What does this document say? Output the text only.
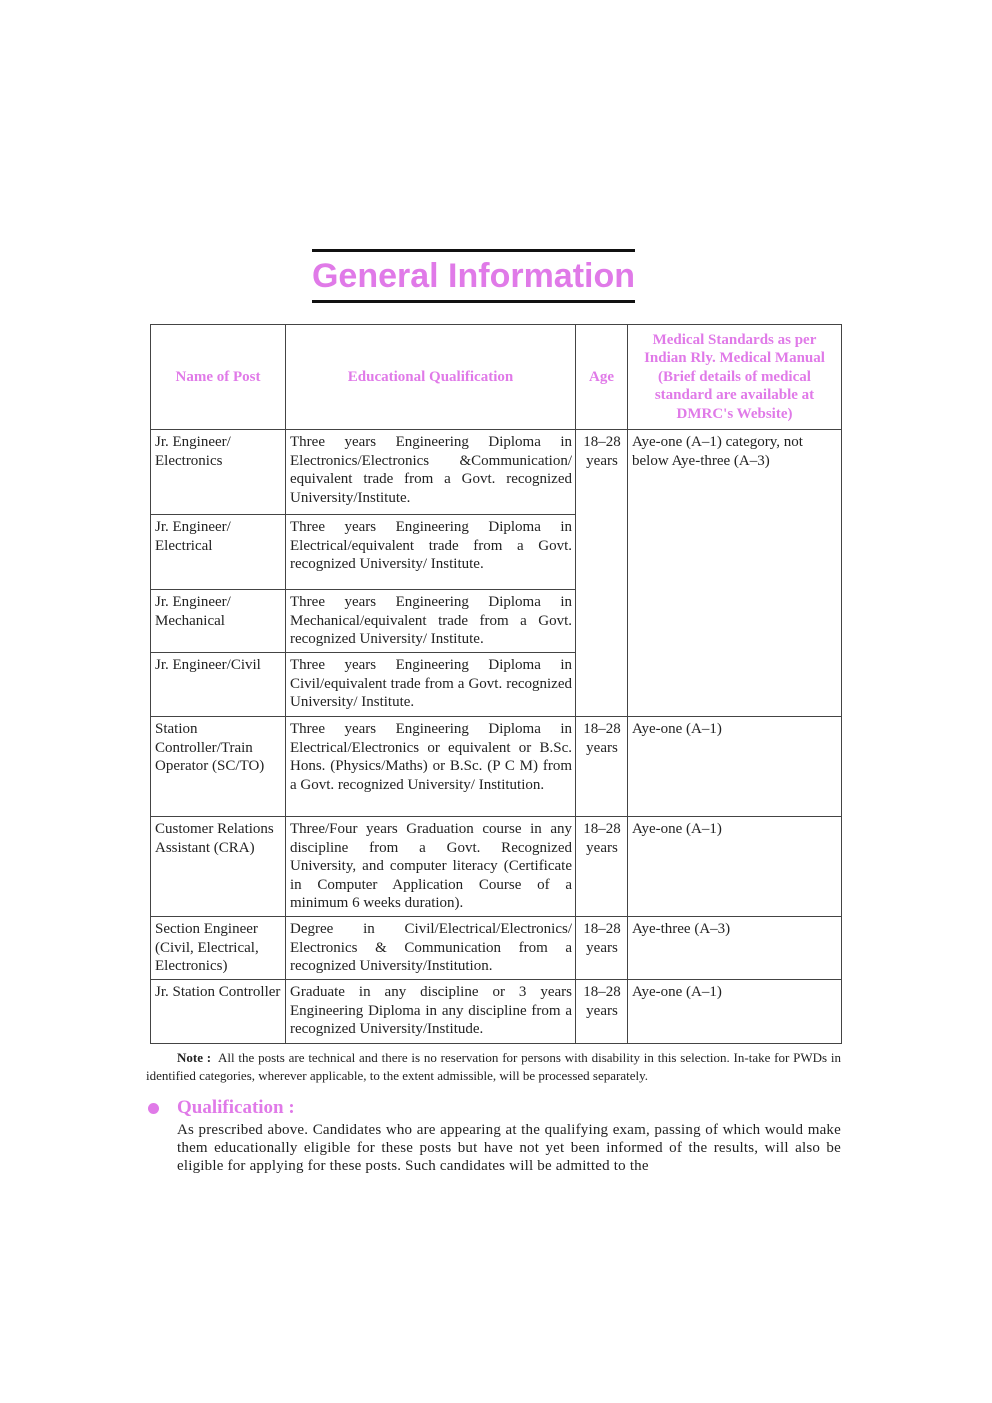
General Information
Name of Post	Educational Qualification	Age	Medical Standards as per Indian Rly. Medical Manual (Brief details of medical standard are available at DMRC's Website)
Jr. Engineer/ Electronics	Three years Engineering Diploma in Electronics/Electronics &Communication/ equivalent trade from a Govt. recognized University/Institute.	18–28 years	Aye-one (A–1) category, not below Aye-three (A–3)
Jr. Engineer/ Electrical	Three years Engineering Diploma in Electrical/equivalent trade from a Govt. recognized University/ Institute.		
Jr. Engineer/ Mechanical	Three years Engineering Diploma in Mechanical/equivalent trade from a Govt. recognized University/ Institute.		
Jr. Engineer/Civil	Three years Engineering Diploma in Civil/equivalent trade from a Govt. recognized University/ Institute.		
Station Controller/Train Operator (SC/TO)	Three years Engineering Diploma in Electrical/Electronics or equivalent or B.Sc. Hons. (Physics/Maths) or B.Sc. (P C M) from a Govt. recognized University/ Institution.	18–28 years	Aye-one (A–1)
Customer Relations Assistant (CRA)	Three/Four years Graduation course in any discipline from a Govt. Recognized University, and computer literacy (Certificate in Computer Application Course of a minimum 6 weeks duration).	18–28 years	Aye-one (A–1)
Section Engineer (Civil, Electrical, Electronics)	Degree in Civil/Electrical/Electronics/ Electronics & Communication from a recognized University/Institution.	18–28 years	Aye-three (A–3)
Jr. Station Controller	Graduate in any discipline or 3 years Engineering Diploma in any discipline from a recognized University/Institude.	18–28 years	Aye-one (A–1)
Note : All the posts are technical and there is no reservation for persons with disability in this selection. In-take for PWDs in identified categories, wherever applicable, to the extent admissible, will be processed separately.
Qualification :
As prescribed above. Candidates who are appearing at the qualifying exam, passing of which would make them educationally eligible for these posts but have not yet been informed of the results, will also be eligible for applying for these posts. Such candidates will be admitted to the
